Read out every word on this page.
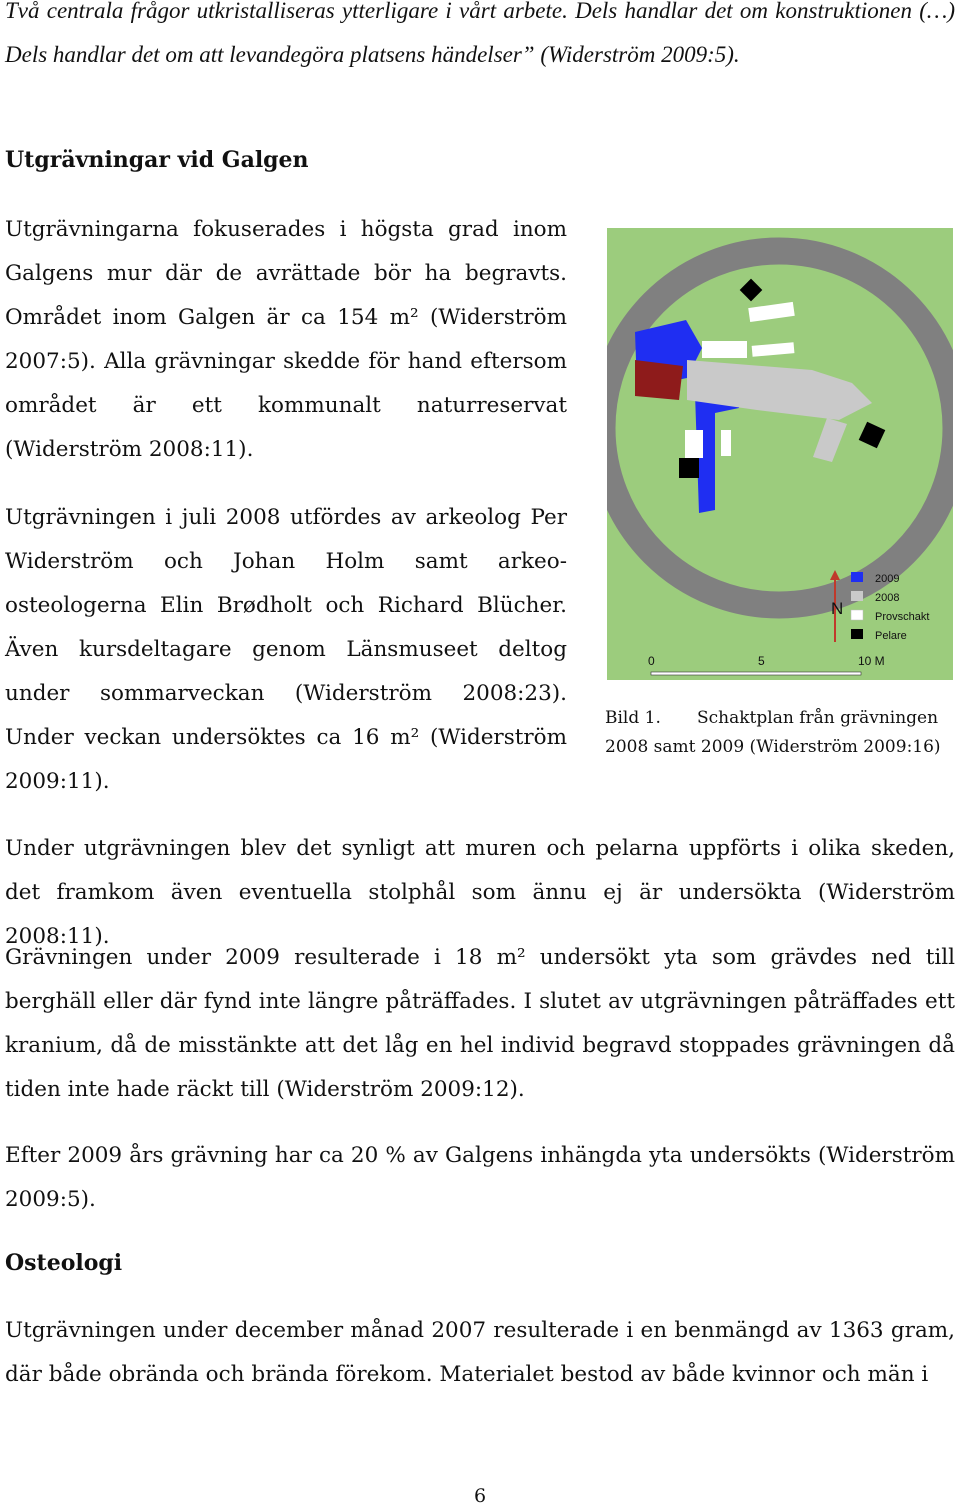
Två centrala frågor utkristalliseras ytterligare i vårt arbete. Dels handlar det om konstruktionen (…) Dels handlar det om att levandegöra platsens händelser” (Widerström 2009:5).

Utgrävningar vid Galgen

Utgrävningarna fokuserades i högsta grad inom Galgens mur där de avrättade bör ha begravts. Området inom Galgen är ca 154 m² (Widerström 2007:5). Alla grävningar skedde för hand eftersom området är ett kommunalt naturreservat (Widerström 2008:11).

Utgrävningen i juli 2008 utfördes av arkeolog Per Widerström och Johan Holm samt arkeo-osteologerna Elin Brødholt och Richard Blücher. Även kursdeltagare genom Länsmuseet deltog under sommarveckan (Widerström 2008:23). Under veckan undersöktes ca 16 m² (Widerström 2009:11).

N
2009
2008
Provschakt
Pelare
0	5	10 M

Bild 1. Schaktplan från grävningen 2008 samt 2009 (Widerström 2009:16)

Under utgrävningen blev det synligt att muren och pelarna uppförts i olika skeden, det framkom även eventuella stolphål som ännu ej är undersökta (Widerström 2008:11).

Grävningen under 2009 resulterade i 18 m² undersökt yta som grävdes ned till berghäll eller där fynd inte längre påträffades. I slutet av utgrävningen påträffades ett kranium, då de misstänkte att det låg en hel individ begravd stoppades grävningen då tiden inte hade räckt till (Widerström 2009:12).

Efter 2009 års grävning har ca 20 % av Galgens inhängda yta undersökts (Widerström 2009:5).

Osteologi

Utgrävningen under december månad 2007 resulterade i en benmängd av 1363 gram, där både obrända och brända förekom. Materialet bestod av både kvinnor och män i

6
